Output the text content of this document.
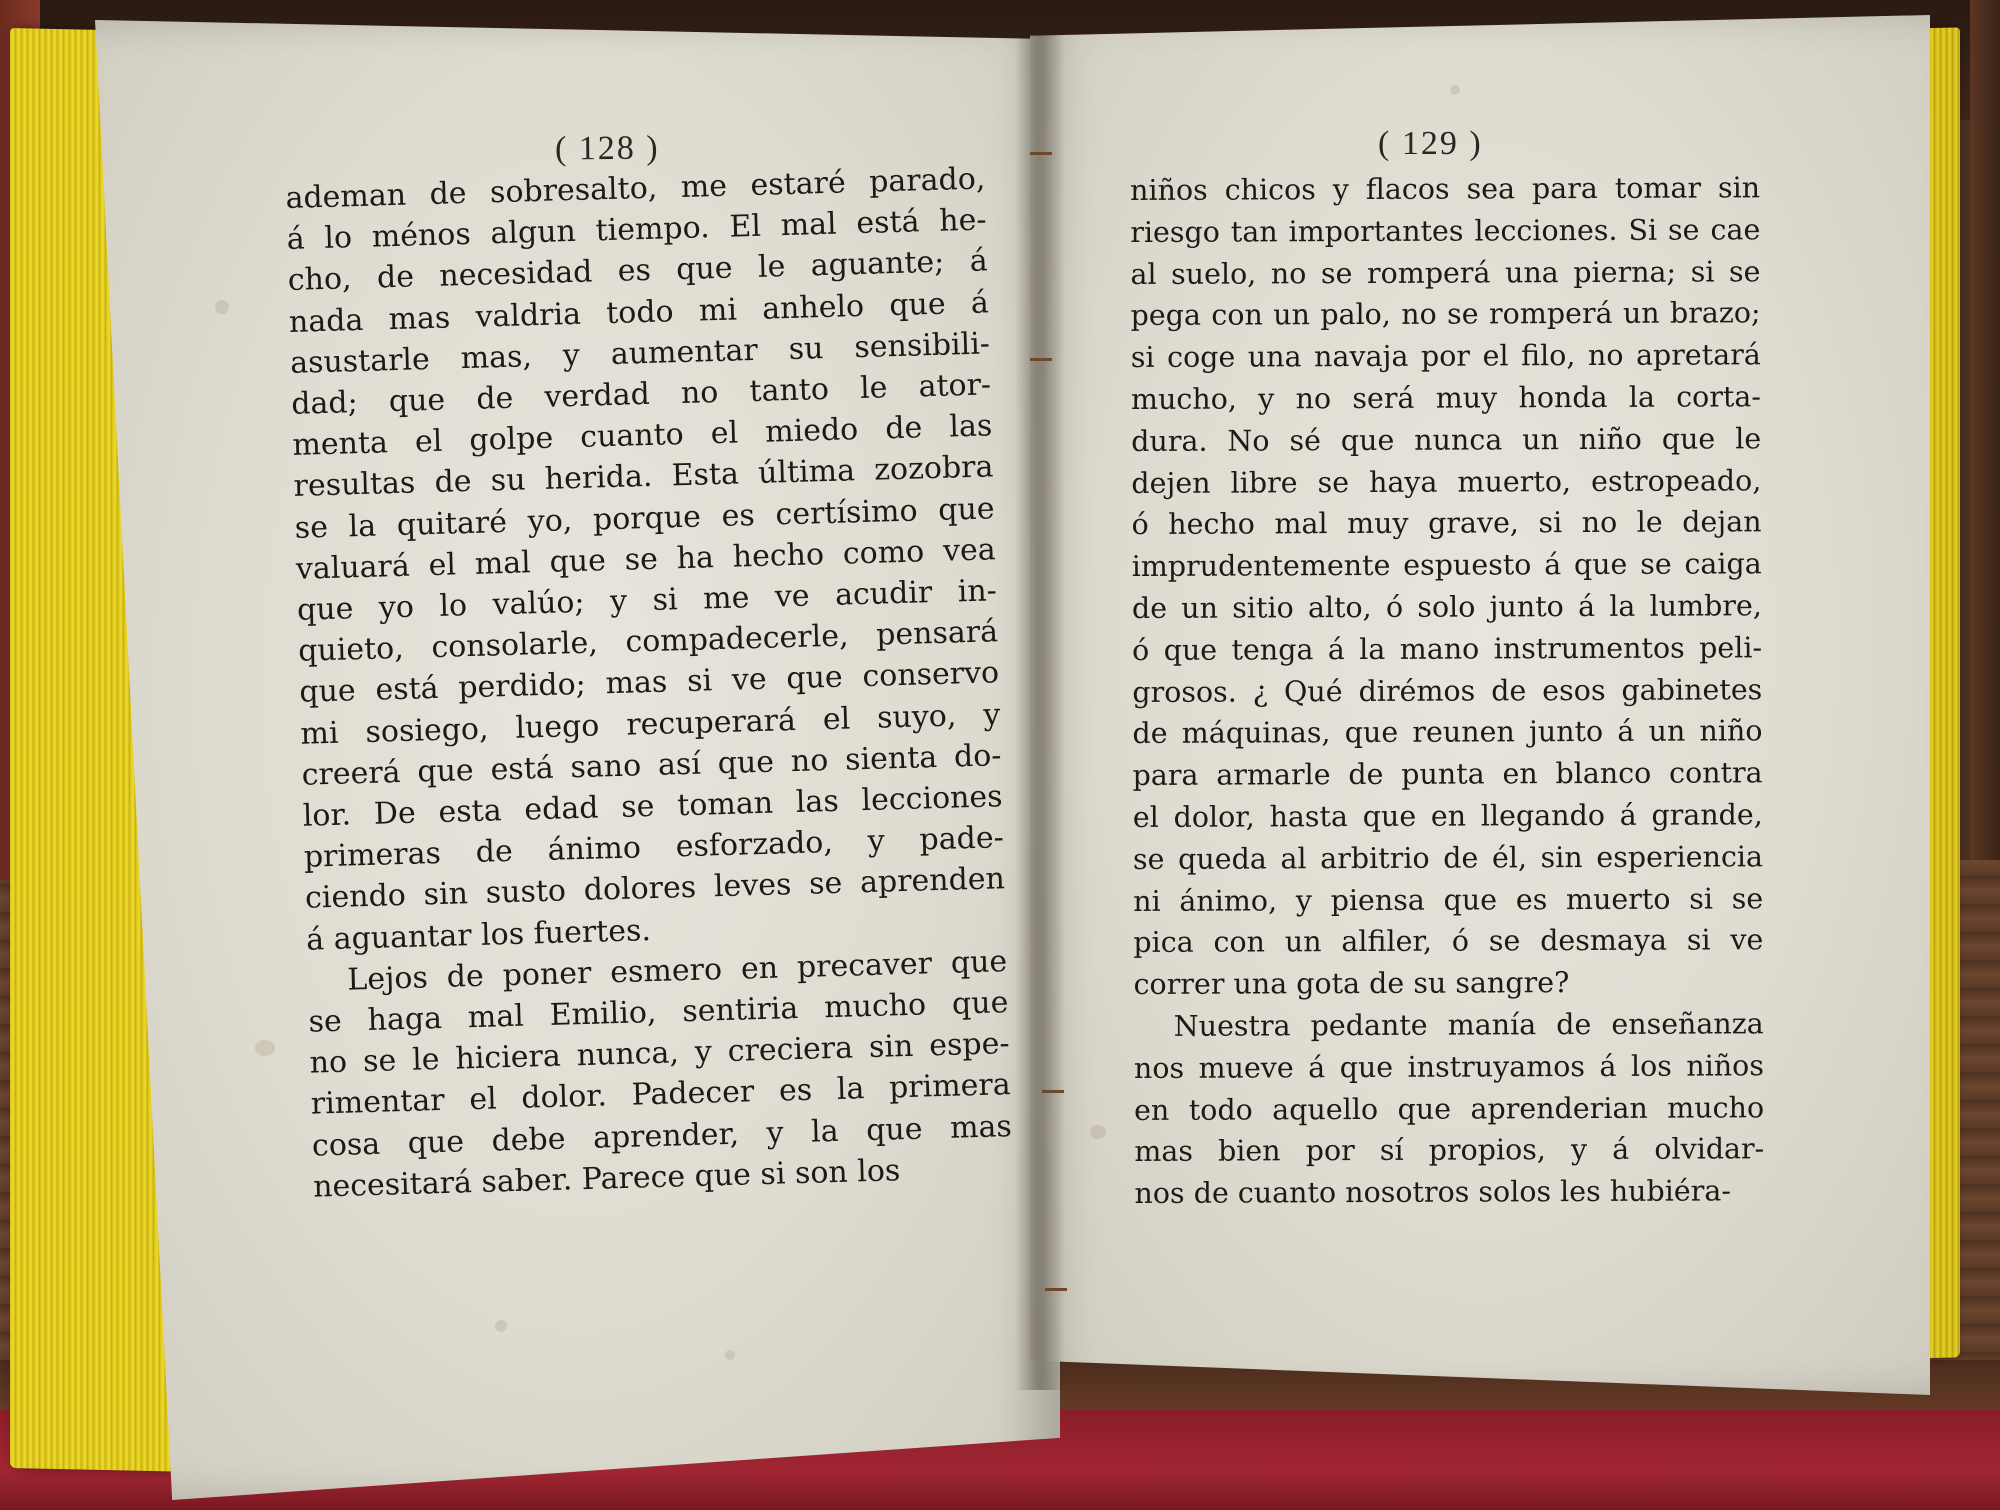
( 128 )	( 129 )
ademan de sobresalto, me estaré parado,
á lo ménos algun tiempo. El mal está he-
cho, de necesidad es que le aguante; á
nada mas valdria todo mi anhelo que á
asustarle mas, y aumentar su sensibili-
dad; que de verdad no tanto le ator-
menta el golpe cuanto el miedo de las
resultas de su herida. Esta última zozobra
se la quitaré yo, porque es certísimo que
valuará el mal que se ha hecho como vea
que yo lo valúo; y si me ve acudir in-
quieto, consolarle, compadecerle, pensará
que está perdido; mas si ve que conservo
mi sosiego, luego recuperará el suyo, y
creerá que está sano así que no sienta do-
lor. De esta edad se toman las lecciones
primeras de ánimo esforzado, y pade-
ciendo sin susto dolores leves se aprenden
á aguantar los fuertes.
Lejos de poner esmero en precaver que
se haga mal Emilio, sentiria mucho que
no se le hiciera nunca, y creciera sin espe-
rimentar el dolor. Padecer es la primera
cosa que debe aprender, y la que mas
necesitará saber. Parece que si son los
niños chicos y flacos sea para tomar sin
riesgo tan importantes lecciones. Si se cae
al suelo, no se romperá una pierna; si se
pega con un palo, no se romperá un brazo;
si coge una navaja por el filo, no apretará
mucho, y no será muy honda la corta-
dura. No sé que nunca un niño que le
dejen libre se haya muerto, estropeado,
ó hecho mal muy grave, si no le dejan
imprudentemente espuesto á que se caiga
de un sitio alto, ó solo junto á la lumbre,
ó que tenga á la mano instrumentos peli-
grosos. ¿ Qué dirémos de esos gabinetes
de máquinas, que reunen junto á un niño
para armarle de punta en blanco contra
el dolor, hasta que en llegando á grande,
se queda al arbitrio de él, sin esperiencia
ni ánimo, y piensa que es muerto si se
pica con un alfiler, ó se desmaya si ve
correr una gota de su sangre?
Nuestra pedante manía de enseñanza
nos mueve á que instruyamos á los niños
en todo aquello que aprenderian mucho
mas bien por sí propios, y á olvidar-
nos de cuanto nosotros solos les hubiéra-
